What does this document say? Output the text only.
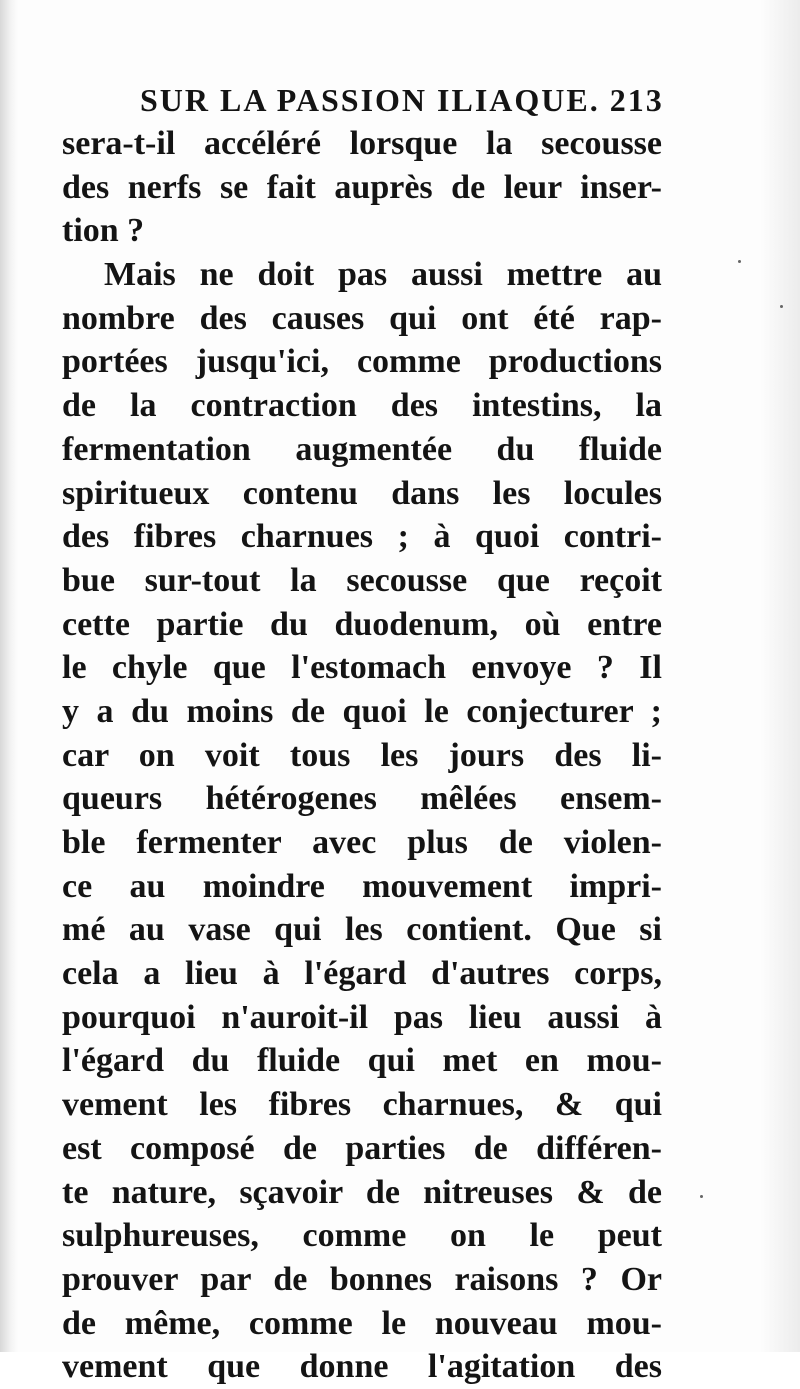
SUR LA PASSION ILIAQUE. 213
sera-t-il accéléré lorsque la secousse
des nerfs se fait auprès de leur inser-
tion ?
Mais ne doit pas aussi mettre au
nombre des causes qui ont été rap-
portées jusqu'ici, comme productions
de la contraction des intestins, la
fermentation augmentée du fluide
spiritueux contenu dans les locules
des fibres charnues ; à quoi contri-
bue sur-tout la secousse que reçoit
cette partie du duodenum, où entre
le chyle que l'estomach envoye ? Il
y a du moins de quoi le conjecturer ;
car on voit tous les jours des li-
queurs hétérogenes mêlées ensem-
ble fermenter avec plus de violen-
ce au moindre mouvement impri-
mé au vase qui les contient. Que si
cela a lieu à l'égard d'autres corps,
pourquoi n'auroit-il pas lieu aussi à
l'égard du fluide qui met en mou-
vement les fibres charnues, & qui
est composé de parties de différen-
te nature, sçavoir de nitreuses & de
sulphureuses, comme on le peut
prouver par de bonnes raisons ? Or
de même, comme le nouveau mou-
vement que donne l'agitation des
